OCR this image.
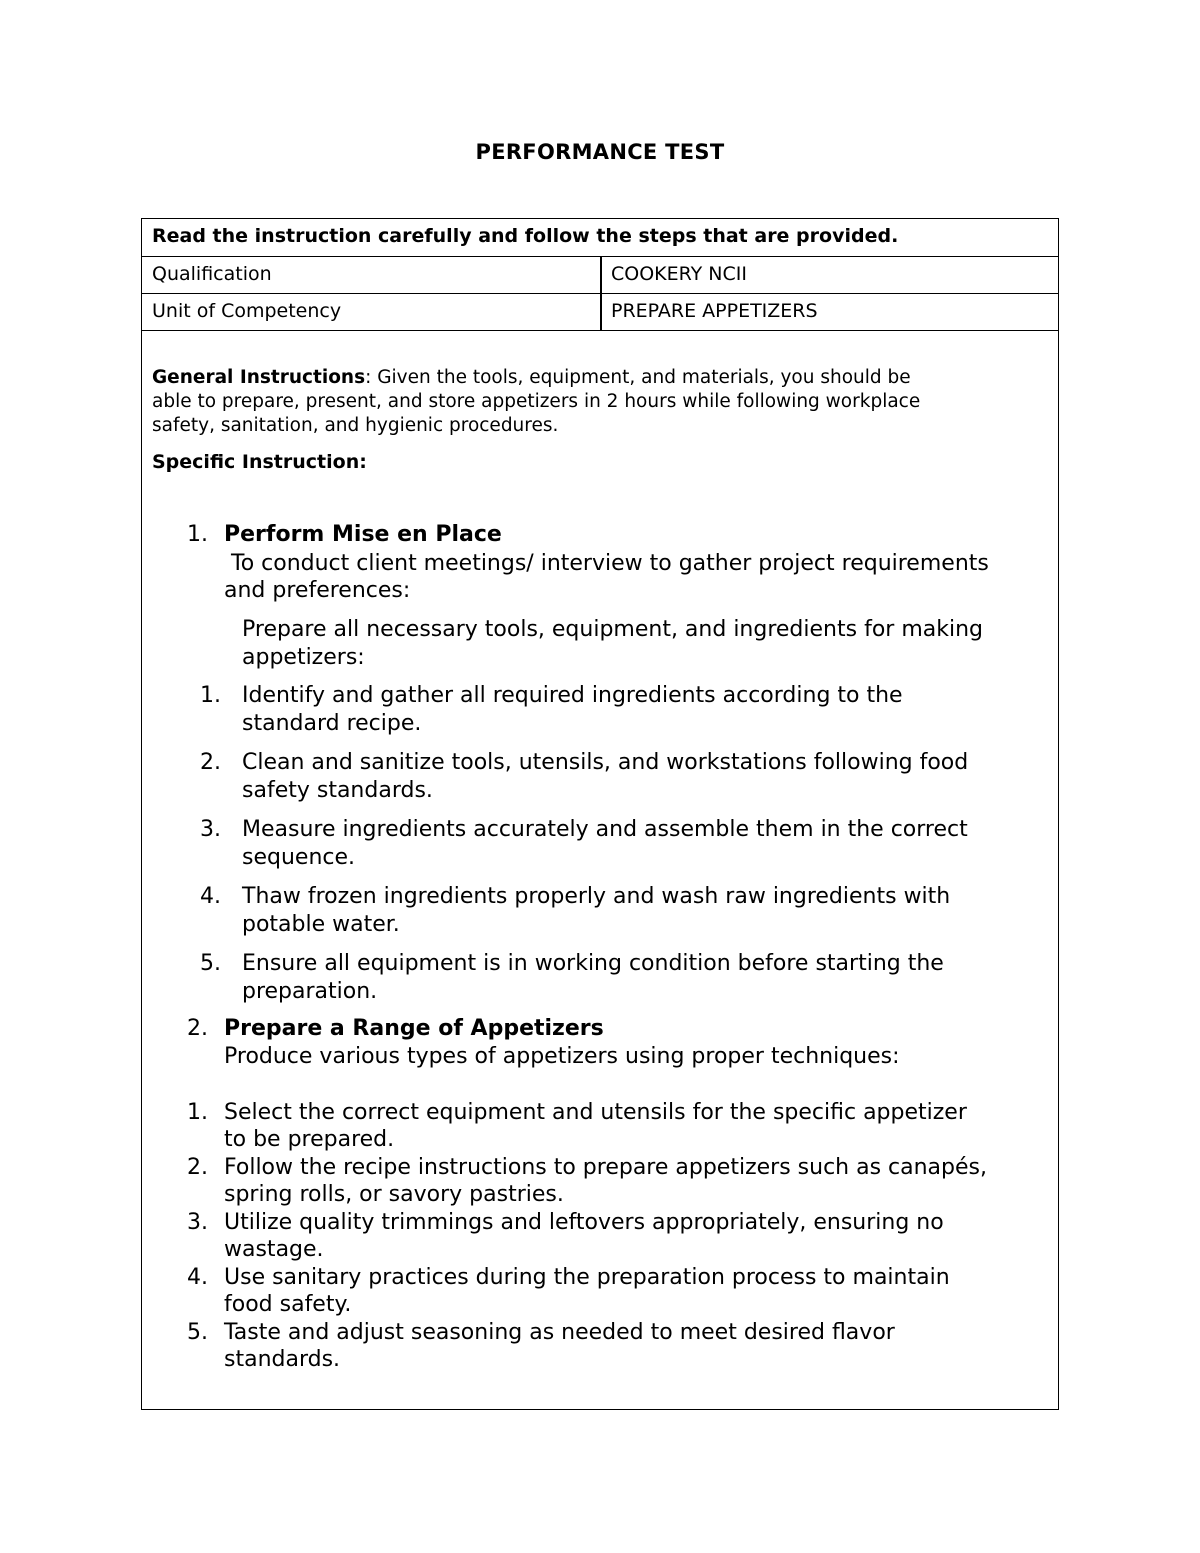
PERFORMANCE TEST
Read the instruction carefully and follow the steps that are provided.
Qualification	COOKERY NCII
Unit of Competency	PREPARE APPETIZERS
General Instructions: Given the tools, equipment, and materials, you should be
able to prepare, present, and store appetizers in 2 hours while following workplace
safety, sanitation, and hygienic procedures.
Specific Instruction:
1. Perform Mise en Place
To conduct client meetings/ interview to gather project requirements
and preferences:
Prepare all necessary tools, equipment, and ingredients for making
appetizers:
1. Identify and gather all required ingredients according to the
standard recipe.
2. Clean and sanitize tools, utensils, and workstations following food
safety standards.
3. Measure ingredients accurately and assemble them in the correct
sequence.
4. Thaw frozen ingredients properly and wash raw ingredients with
potable water.
5. Ensure all equipment is in working condition before starting the
preparation.
2. Prepare a Range of Appetizers
Produce various types of appetizers using proper techniques:
1. Select the correct equipment and utensils for the specific appetizer
to be prepared.
2. Follow the recipe instructions to prepare appetizers such as canapés,
spring rolls, or savory pastries.
3. Utilize quality trimmings and leftovers appropriately, ensuring no
wastage.
4. Use sanitary practices during the preparation process to maintain
food safety.
5. Taste and adjust seasoning as needed to meet desired flavor
standards.
